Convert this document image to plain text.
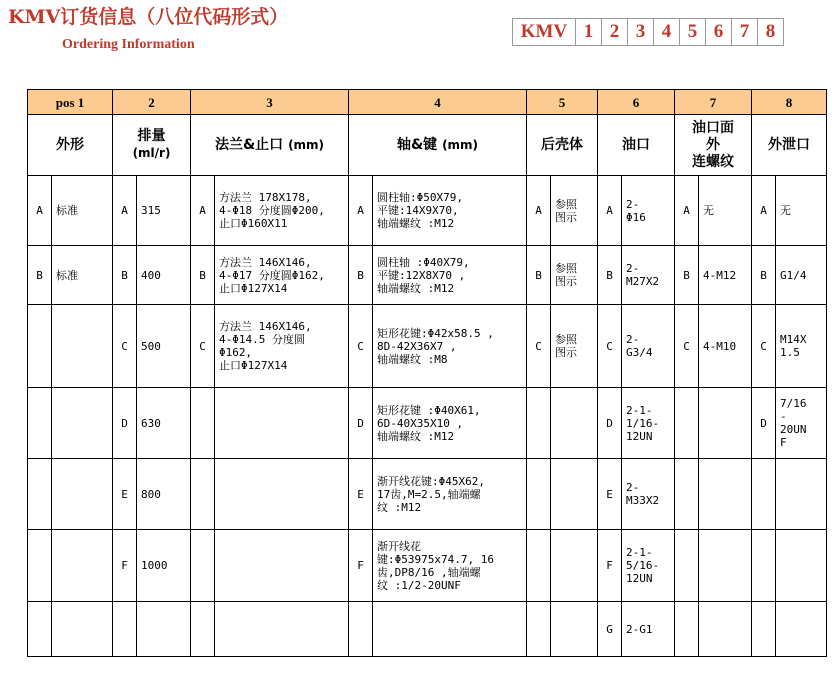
KMV订货信息（八位代码形式）
Ordering Information
KMV 1 2 3 4 5 6 7 8
pos 1		2		3		4		5		6		7		8	
外形		排量
(ml/r)		法兰&止口 (mm)		轴&键 (mm)		后壳体		油口		油口面
外
连螺纹		外泄口	
A	标准	A	315	A	方法兰 178X178,
4-Φ18 分度圆Φ200,
止口Φ160X11	A	圆柱轴:Φ50X79,
平键:14X9X70,
轴端螺纹 :M12	A	参照
图示	A	2-
Φ16	A	无	A	无
B	标准	B	400	B	方法兰 146X146,
4-Φ17 分度圆Φ162,
止口Φ127X14	B	圆柱轴 :Φ40X79,
平键:12X8X70 ,
轴端螺纹 :M12	B	参照
图示	B	2-
M27X2	B	4-M12	B	G1/4
		C	500	C	方法兰 146X146,
4-Φ14.5 分度圆
Φ162,
止口Φ127X14	C	矩形花键:Φ42x58.5 ,
8D-42X36X7 ,
轴端螺纹 :M8	C	参照
图示	C	2-
G3/4	C	4-M10	C	M14X
1.5
		D	630			D	矩形花键 :Φ40X61,
6D-40X35X10 ,
轴端螺纹 :M12			D	2-1-
1/16-
12UN			D	7/16
-
20UN
F
		E	800			E	渐开线花键:Φ45X62,
17齿,M=2.5,轴端螺
纹 :M12			E	2-
M33X2				
		F	1000			F	渐开线花
键:Φ53975x74.7, 16
齿,DP8/16 ,轴端螺
纹 :1/2-20UNF			F	2-1-
5/16-
12UN				
										G	2-G1				
